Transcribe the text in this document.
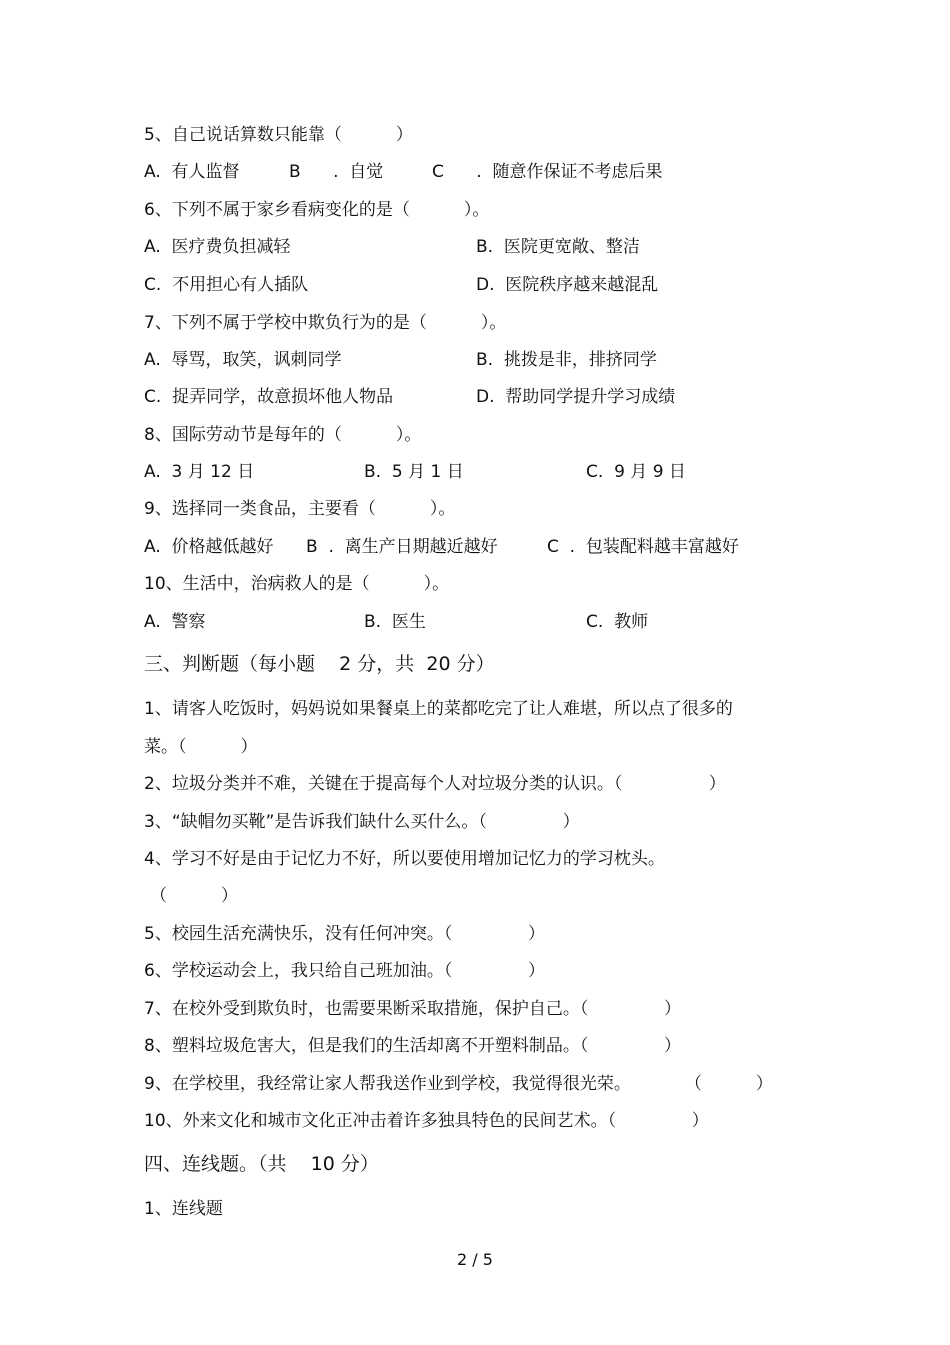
5、自己说话算数只能靠（          ）
A.  有人监督	B      .  自觉	C      .  随意作保证不考虑后果
6、下列不属于家乡看病变化的是（          ）。
A.  医疗费负担减轻	B.  医院更宽敞、整洁
C.  不用担心有人插队	D.  医院秩序越来越混乱
7、下列不属于学校中欺负行为的是（          ）。
A.  辱骂，取笑，讽刺同学	B.  挑拨是非，排挤同学
C.  捉弄同学，故意损坏他人物品	D.  帮助同学提升学习成绩
8、国际劳动节是每年的（          ）。
A.  3 月 12 日	B.  5 月 1 日	C.  9 月 9 日
9、选择同一类食品，主要看（          ）。
A.  价格越低越好 B  .  离生产日期越近越好	C  .  包装配料越丰富越好
10、生活中，治病救人的是（          ）。
A.  警察	B.  医生	C.  教师
三、判断题（每小题    2 分，共  20 分）
1、请客人吃饭时，妈妈说如果餐桌上的菜都吃完了让人难堪，所以点了很多的
菜。（          ）
2、垃圾分类并不难，关键在于提高每个人对垃圾分类的认识。（                ）
3、“缺帽勿买靴”是告诉我们缺什么买什么。（              ）
4、学习不好是由于记忆力不好，所以要使用增加记忆力的学习枕头。
（          ）
5、校园生活充满快乐，没有任何冲突。（              ）
6、学校运动会上，我只给自己班加油。（              ）
7、在校外受到欺负时，也需要果断采取措施，保护自己。（              ）
8、塑料垃圾危害大，但是我们的生活却离不开塑料制品。（              ）
9、在学校里，我经常让家人帮我送作业到学校，我觉得很光荣。          （          ）
10、外来文化和城市文化正冲击着许多独具特色的民间艺术。（              ）
四、连线题。（共    10 分）
1、连线题
2 / 5
